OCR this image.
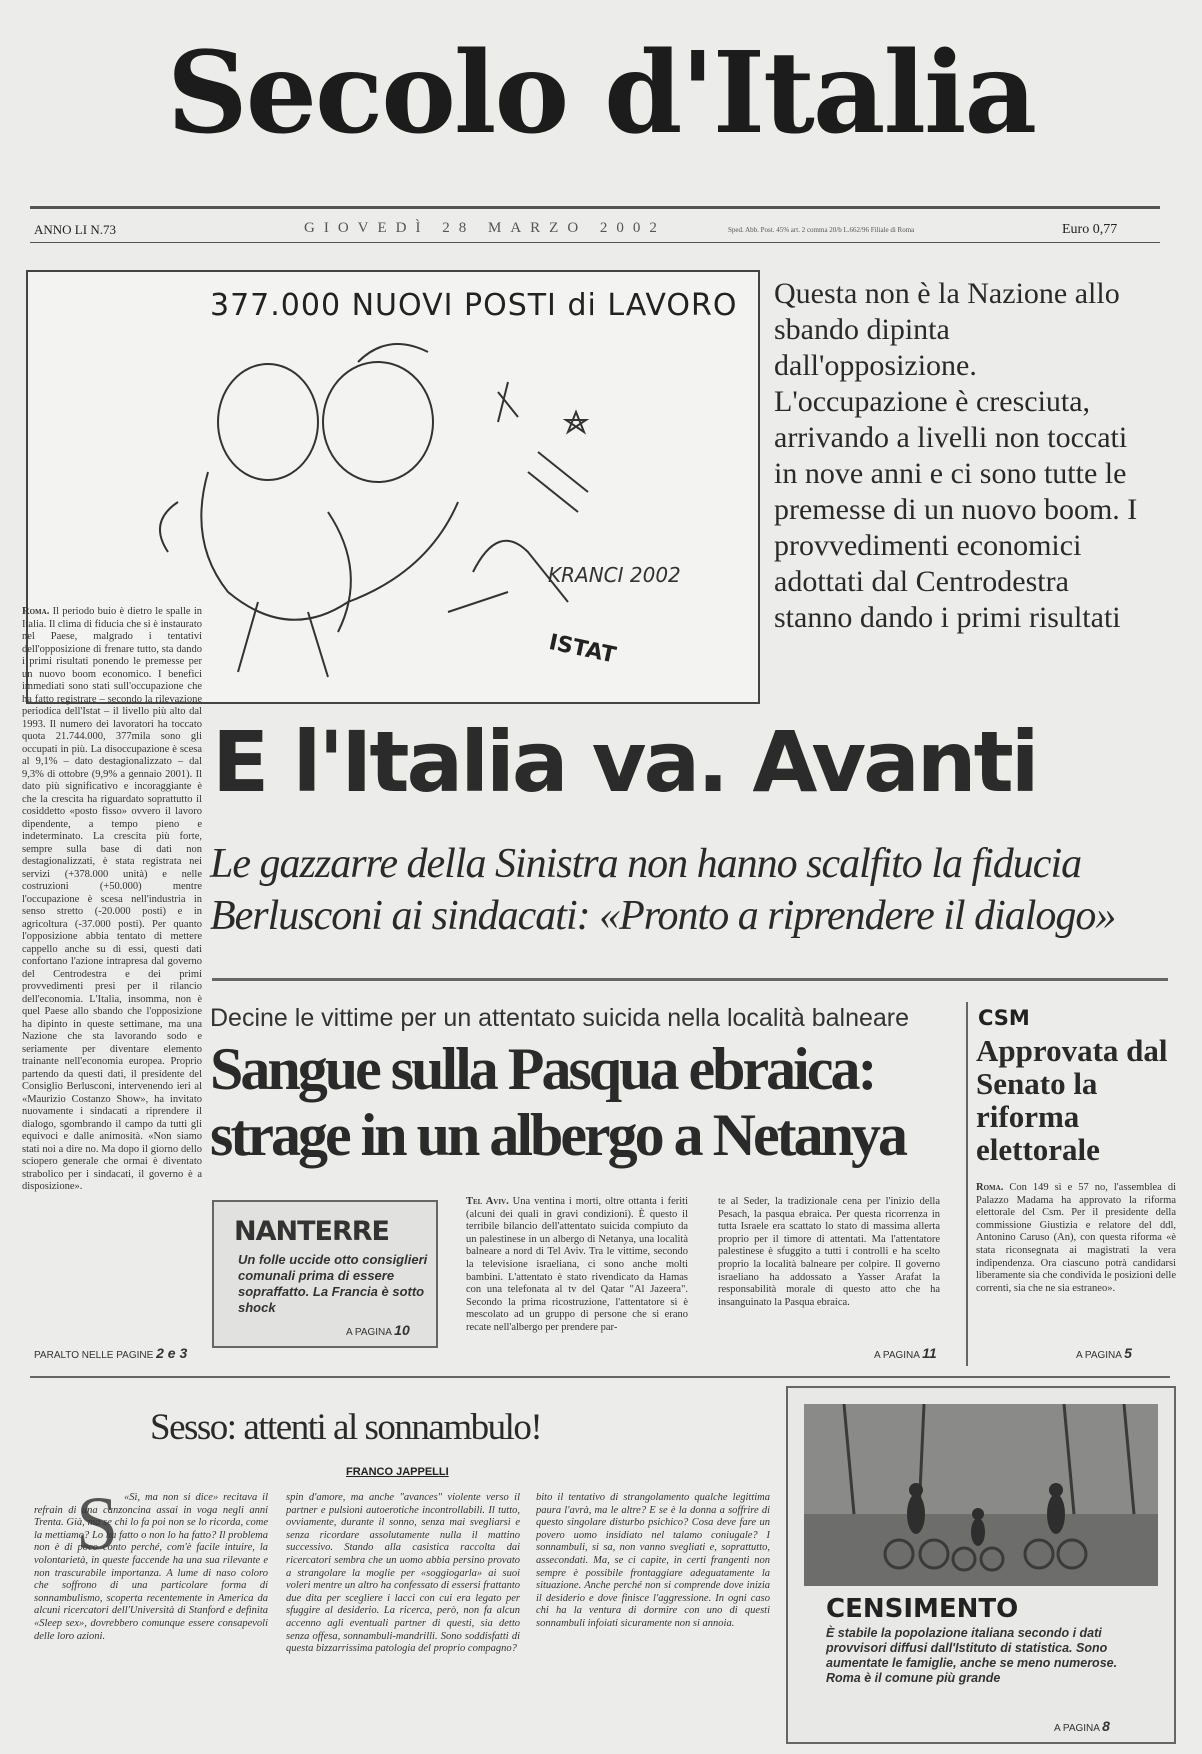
Secolo d'Italia
ANNO LI N.73	GIOVEDÌ 28 MARZO 2002	Sped. Abb. Post. 45% art. 2 comma 20/b L.662/96 Filiale di Roma	Euro 0,77
KRANCI 2002
ISTAT
377.000 NUOVI POSTI di LAVORO Questa non è la Nazione allo sbando dipinta dall'opposizione. L'occupazione è cresciuta, arrivando a livelli non toccati in nove anni e ci sono tutte le premesse di un nuovo boom. I provvedimenti economici adottati dal Centrodestra stanno dando i primi risultati
Roma. Il periodo buio è dietro le spalle in Italia. Il clima di fiducia che si è instaurato nel Paese, malgrado i tentativi dell'opposizione di frenare tutto, sta dando i primi risultati ponendo le premesse per un nuovo boom economico. I benefici immediati sono stati sull'occupazione che ha fatto registrare – secondo la rilevazione periodica dell'Istat – il livello più alto dal 1993. Il numero dei lavoratori ha toccato quota 21.744.000, 377mila sono gli occupati in più. La disoccupazione è scesa al 9,1% – dato destagionalizzato – dal 9,3% di ottobre (9,9% a gennaio 2001). Il dato più significativo e incoraggiante è che la crescita ha riguardato soprattutto il cosiddetto «posto fisso» ovvero il lavoro dipendente, a tempo pieno e indeterminato. La crescita più forte, sempre sulla base di dati non destagionalizzati, è stata registrata nei servizi (+378.000 unità) e nelle costruzioni (+50.000) mentre l'occupazione è scesa nell'industria in senso stretto (-20.000 posti) e in agricoltura (-37.000 posti). Per quanto l'opposizione abbia tentato di mettere cappello anche su di essi, questi dati confortano l'azione intrapresa dal governo del Centrodestra e dei primi provvedimenti presi per il rilancio dell'economia. L'Italia, insomma, non è quel Paese allo sbando che l'opposizione ha dipinto in queste settimane, ma una Nazione che sta lavorando sodo e seriamente per diventare elemento trainante nell'economia europea. Proprio partendo da questi dati, il presidente del Consiglio Berlusconi, intervenendo ieri al «Maurizio Costanzo Show», ha invitato nuovamente i sindacati a riprendere il dialogo, sgombrando il campo da tutti gli equivoci e dalle animosità. «Non siamo stati noi a dire no. Ma dopo il giorno dello sciopero generale che ormai è diventato strabolico per i sindacati, il governo è a disposizione».
PARALTO NELLE PAGINE 2 e 3
E l'Italia va. Avanti
Le gazzarre della Sinistra non hanno scalfito la fiducia
Berlusconi ai sindacati: «Pronto a riprendere il dialogo»
Decine le vittime per un attentato suicida nella località balneare
Sangue sulla Pasqua ebraica:
strage in un albergo a Netanya
Tel Aviv. Una ventina i morti, oltre ottanta i feriti (alcuni dei quali in gravi condizioni). È questo il terribile bilancio dell'attentato suicida compiuto da un palestinese in un albergo di Netanya, una località balneare a nord di Tel Aviv. Tra le vittime, secondo la televisione israeliana, ci sono anche molti bambini. L'attentato è stato rivendicato da Hamas con una telefonata al tv del Qatar "Al Jazeera". Secondo la prima ricostruzione, l'attentatore si è mescolato ad un gruppo di persone che si erano recate nell'albergo per prendere par-
te al Seder, la tradizionale cena per l'inizio della Pesach, la pasqua ebraica. Per questa ricorrenza in tutta Israele era scattato lo stato di massima allerta proprio per il timore di attentati. Ma l'attentatore palestinese è sfuggito a tutti i controlli e ha scelto proprio la località balneare per colpire. Il governo israeliano ha addossato a Yasser Arafat la responsabilità morale di questo atto che ha insanguinato la Pasqua ebraica.
A PAGINA 11
NANTERRE
Un folle uccide otto consiglieri comunali prima di essere sopraffatto. La Francia è sotto shock
A PAGINA 10
CSM
Approvata dal Senato la riforma elettorale
Roma. Con 149 sì e 57 no, l'assemblea di Palazzo Madama ha approvato la riforma elettorale del Csm. Per il presidente della commissione Giustizia e relatore del ddl, Antonino Caruso (An), con questa riforma «è stata riconsegnata ai magistrati la vera indipendenza. Ora ciascuno potrà candidarsi liberamente sia che condivida le posizioni delle correnti, sia che ne sia estraneo».
A PAGINA 5
Sesso: attenti al sonnambulo!
FRANCO JAPPELLI
S «Sì, ma non si dice» recitava il refrain di una canzoncina assai in voga negli anni Trenta. Già, ma se chi lo fa poi non se lo ricorda, come la mettiamo? Lo ha fatto o non lo ha fatto? Il problema non è di poco conto perché, com'è facile intuire, la volontarietà, in queste faccende ha una sua rilevante e non trascurabile importanza. A lume di naso coloro che soffrono di una particolare forma di sonnambulismo, scoperta recentemente in America da alcuni ricercatori dell'Università di Stanford e definita «Sleep sex», dovrebbero comunque essere consapevoli delle loro azioni.
spin d'amore, ma anche "avances" violente verso il partner e pulsioni autoerotiche incontrollabili. Il tutto, ovviamente, durante il sonno, senza mai svegliarsi e senza ricordare assolutamente nulla il mattino successivo. Stando alla casistica raccolta dai ricercatori sembra che un uomo abbia persino provato a strangolare la moglie per «soggiogarla» ai suoi voleri mentre un altro ha confessato di essersi frattanto due dita per scegliere i lacci con cui era legato per sfuggire al desiderio. La ricerca, però, non fa alcun accenno agli eventuali partner di questi, sia detto senza offesa, sonnambuli-mandrilli. Sono soddisfatti di questa bizzarrissima patologia del proprio compagno?
bito il tentativo di strangolamento qualche legittima paura l'avrà, ma le altre? E se è la donna a soffrire di questo singolare disturbo psichico? Cosa deve fare un povero uomo insidiato nel talamo coniugale? I sonnambuli, si sa, non vanno svegliati e, soprattutto, assecondati. Ma, se ci capite, in certi frangenti non sempre è possibile frontaggiare adeguatamente la situazione. Anche perché non si comprende dove inizia il desiderio e dove finisce l'aggressione. In ogni caso chi ha la ventura di dormire con uno di questi sonnambuli infoiati sicuramente non si annoia.	CENSIMENTO
È stabile la popolazione italiana secondo i dati provvisori diffusi dall'Istituto di statistica. Sono aumentate le famiglie, anche se meno numerose. Roma è il comune più grande
A PAGINA 8
